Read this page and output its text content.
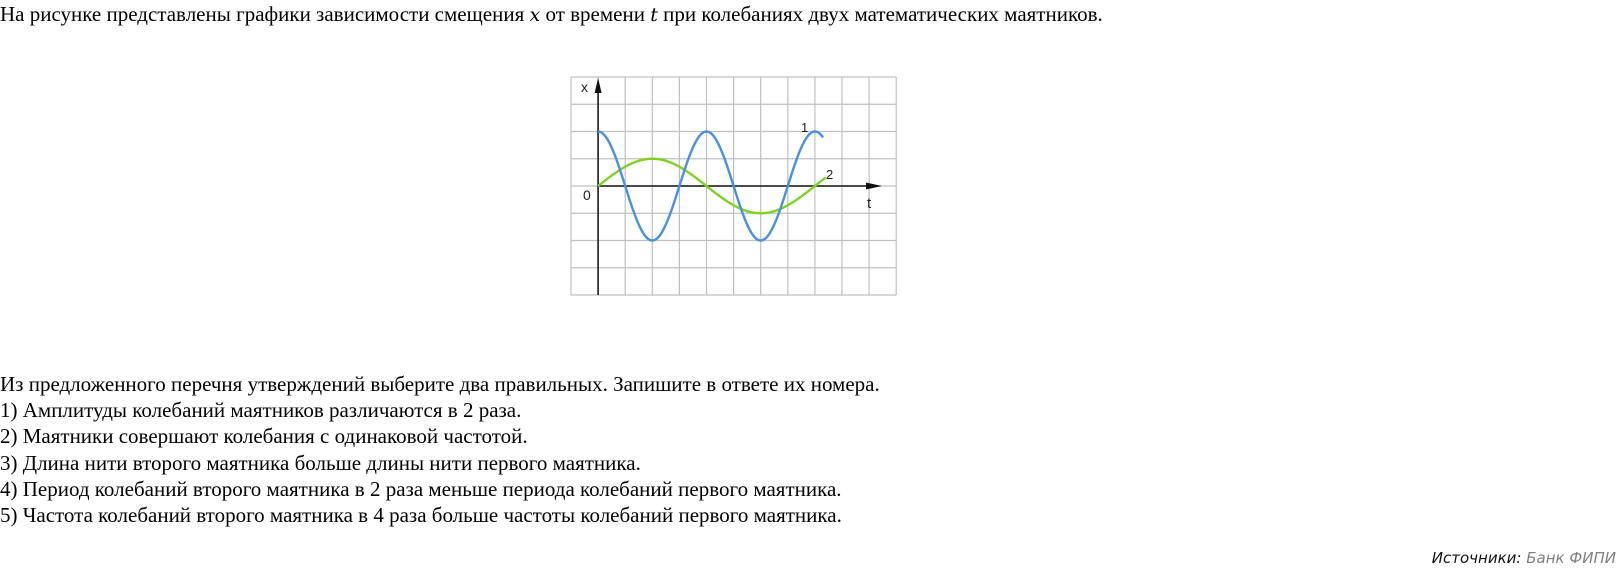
На рисунке представлены графики зависимости смещения x от времени t при колебаниях двух математических маятников.
x
t
0
1
2
Из предложенного перечня утверждений выберите два правильных. Запишите в ответе их номера.
1) Амплитуды колебаний маятников различаются в 2 раза.
2) Маятники совершают колебания с одинаковой частотой.
3) Длина нити второго маятника больше длины нити первого маятника.
4) Период колебаний второго маятника в 2 раза меньше периода колебаний первого маятника.
5) Частота колебаний второго маятника в 4 раза больше частоты колебаний первого маятника.
Источники: Банк ФИПИ
